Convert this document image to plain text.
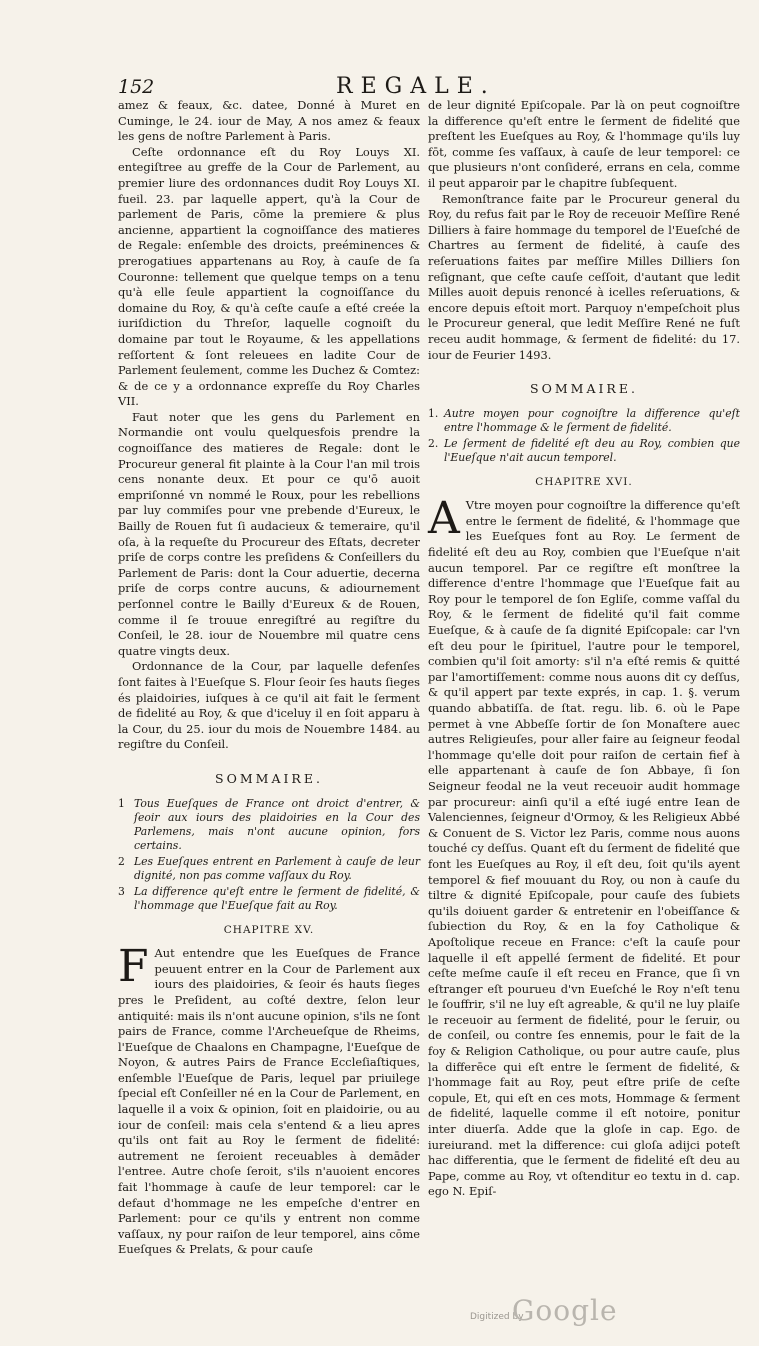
152	REGALE.

amez & feaux, &c. datee, Donné à Muret en Cuminge, le 24. iour de May, A nos amez & feaux les gens de noſtre Parlement à Paris.

Ceſte ordonnance eſt du Roy Louys XI. entegiſtree au greffe de la Cour de Parlement, au premier liure des ordonnances dudit Roy Louys XI. fueil. 23. par laquelle appert, qu'à la Cour de parlement de Paris, cōme la premiere & plus ancienne, appartient la cognoiſſance des matieres de Regale: enſemble des droicts, preéminences & prerogatiues appartenans au Roy, à cauſe de ſa Couronne: tellement que quelque temps on a tenu qu'à elle ſeule appartient la cognoiſſance du domaine du Roy, & qu'à ceſte cauſe a eſté creée la iuriſdiction du Threſor, laquelle cognoiſt du domaine par tout le Royaume, & les appellations reſſortent & ſont releuees en ladite Cour de Parlement ſeulement, comme les Duchez & Comtez: & de ce y a ordonnance expreſſe du Roy Charles VII.

Faut noter que les gens du Parlement en Normandie ont voulu quelquesfois prendre la cognoiſſance des matieres de Regale: dont le Procureur general fit plainte à la Cour l'an mil trois cens nonante deux. Et pour ce qu'ō auoit empriſonné vn nommé le Roux, pour les rebellions par luy commiſes pour vne prebende d'Eureux, le Bailly de Rouen fut ſi audacieux & temeraire, qu'il oſa, à la requeſte du Procureur des Eſtats, decreter priſe de corps contre les preſidens & Conſeillers du Parlement de Paris: dont la Cour aduertie, decerna priſe de corps contre aucuns, & adiournement perſonnel contre le Bailly d'Eureux & de Rouen, comme il ſe trouue enregiſtré au regiſtre du Conſeil, le 28. iour de Nouembre mil quatre cens quatre vingts deux.

Ordonnance de la Cour, par laquelle defenſes ſont faites à l'Eueſque S. Flour ſeoir ſes hauts ſieges és plaidoiries, iuſques à ce qu'il ait fait le ſerment de fidelité au Roy, & que d'iceluy il en ſoit apparu à la Cour, du 25. iour du mois de Nouembre 1484. au regiſtre du Conſeil.

SOMMAIRE.
1 Tous Eueſques de France ont droict d'entrer, & ſeoir aux iours des plaidoiries en la Cour des Parlemens, mais n'ont aucune opinion, fors certains.
2 Les Eueſques entrent en Parlement à cauſe de leur dignité, non pas comme vaſſaux du Roy.
3 La difference qu'eſt entre le ſerment de fidelité, & l'hommage que l'Eueſque fait au Roy.
CHAPITRE XV.

F Aut entendre que les Eueſques de France peuuent entrer en la Cour de Parlement aux iours des plaidoiries, & ſeoir és hauts ſieges pres le Preſident, au coſté dextre, ſelon leur antiquité: mais ils n'ont aucune opinion, s'ils ne ſont pairs de France, comme l'Archeueſque de Rheims, l'Eueſque de Chaalons en Champagne, l'Eueſque de Noyon, & autres Pairs de France Eccleſiaſtiques, enſemble l'Eueſque de Paris, lequel par priuilege ſpecial eſt Conſeiller né en la Cour de Parlement, en laquelle il a voix & opinion, ſoit en plaidoirie, ou au iour de conſeil: mais cela s'entend & a lieu apres qu'ils ont fait au Roy le ſerment de fidelité: autrement ne ſeroient receuables à demāder l'entree. Autre choſe ſeroit, s'ils n'auoient encores fait l'hommage à cauſe de leur temporel: car le defaut d'hommage ne les empeſche d'entrer en Parlement: pour ce qu'ils y entrent non comme vaſſaux, ny pour raiſon de leur temporel, ains cōme Eueſques & Prelats, & pour cauſe

de leur dignité Epiſcopale. Par là on peut cognoiſtre la difference qu'eſt entre le ſerment de fidelité que preſtent les Eueſques au Roy, & l'hommage qu'ils luy fōt, comme ſes vaſſaux, à cauſe de leur temporel: ce que plusieurs n'ont conſideré, errans en cela, comme il peut apparoir par le chapitre ſubſequent.

Remonſtrance faite par le Procureur general du Roy, du refus fait par le Roy de receuoir Meſſire René Dilliers à faire hommage du temporel de l'Eueſché de Chartres au ſerment de fidelité, à cauſe des reſeruations faites par meſſire Milles Dilliers ſon reſignant, que ceſte cauſe ceſſoit, d'autant que ledit Milles auoit depuis renoncé à icelles reſeruations, & encore depuis eſtoit mort. Parquoy n'empeſchoit plus le Procureur general, que ledit Meſſire René ne fuſt receu audit hommage, & ſerment de fidelité: du 17. iour de Feurier 1493.

SOMMAIRE.
1. Autre moyen pour cognoiſtre la difference qu'eſt entre l'hommage & le ſerment de fidelité.
2. Le ſerment de fidelité eſt deu au Roy, combien que l'Eueſque n'ait aucun temporel.
CHAPITRE XVI.

A Vtre moyen pour cognoiſtre la difference qu'eſt entre le ſerment de fidelité, & l'hommage que les Eueſques font au Roy. Le ſerment de fidelité eſt deu au Roy, combien que l'Eueſque n'ait aucun temporel. Par ce regiſtre eſt monſtree la difference d'entre l'hommage que l'Eueſque fait au Roy pour le temporel de ſon Egliſe, comme vaſſal du Roy, & le ſerment de fidelité qu'il fait comme Eueſque, & à cauſe de ſa dignité Epiſcopale: car l'vn eſt deu pour le ſpirituel, l'autre pour le temporel, combien qu'il ſoit amorty: s'il n'a eſté remis & quitté par l'amortiſſement: comme nous auons dit cy deſſus, & qu'il appert par texte exprés, in cap. 1. §. verum quando abbatiſſa. de ſtat. regu. lib. 6. où le Pape permet à vne Abbeſſe ſortir de ſon Monaſtere auec autres Religieuſes, pour aller faire au ſeigneur feodal l'hommage qu'elle doit pour raiſon de certain fief à elle appartenant à cauſe de ſon Abbaye, ſi ſon Seigneur feodal ne la veut receuoir audit hommage par procureur: ainſi qu'il a eſté iugé entre Iean de Valenciennes, ſeigneur d'Ormoy, & les Religieux Abbé & Conuent de S. Victor lez Paris, comme nous auons touché cy deſſus. Quant eſt du ſerment de fidelité que font les Eueſques au Roy, il eſt deu, ſoit qu'ils ayent temporel & fief mouuant du Roy, ou non à cauſe du tiltre & dignité Epiſcopale, pour cauſe des ſubiets qu'ils doiuent garder & entretenir en l'obeiſſance & ſubiection du Roy, & en la foy Catholique & Apoſtolique receue en France: c'eſt la cauſe pour laquelle il eſt appellé ſerment de fidelité. Et pour ceſte meſme cauſe il eſt receu en France, que ſi vn eſtranger eſt pourueu d'vn Eueſché le Roy n'eſt tenu le ſouffrir, s'il ne luy eſt agreable, & qu'il ne luy plaiſe le receuoir au ſerment de fidelité, pour le ſeruir, ou de conſeil, ou contre ſes ennemis, pour le fait de la foy & Religion Catholique, ou pour autre cauſe, plus la differēce qui eſt entre le ſerment de fidelité, & l'hommage fait au Roy, peut eſtre priſe de ceſte copule, Et, qui eſt en ces mots, Hommage & ſerment de fidelité, laquelle comme il eſt notoire, ponitur inter diuerſa. Adde que la gloſe in cap. Ego. de iureiurand. met la difference: cui gloſa adijci poteſt hac differentia, que le ſerment de fidelité eſt deu au Pape, comme au Roy, vt oſtenditur eo textu in d. cap. ego N. Epiſ-

Digitized by
Google
